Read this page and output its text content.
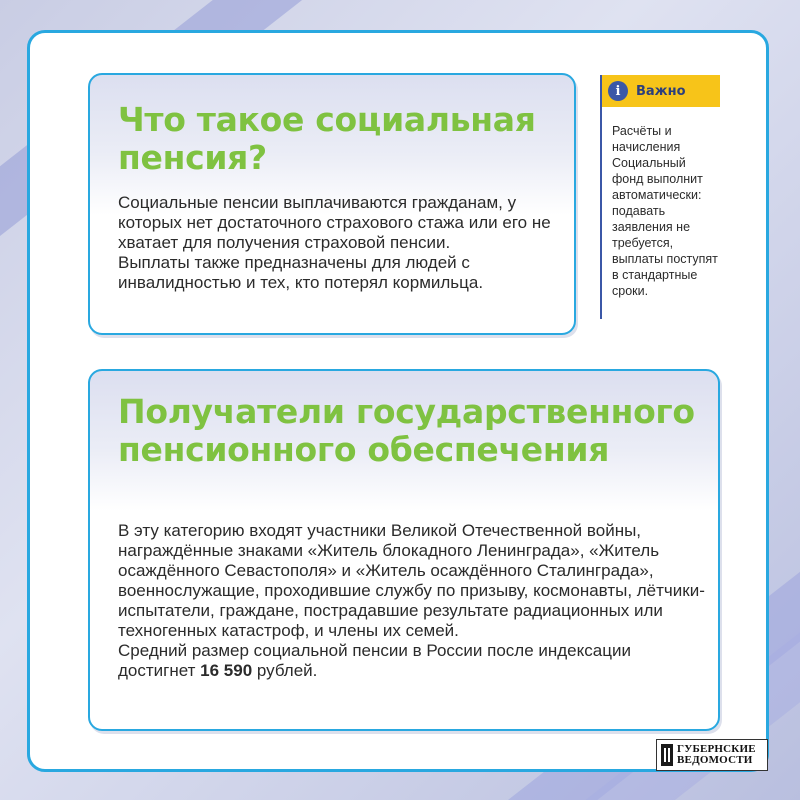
Что такое социальная пенсия?

Социальные пенсии выплачиваются гражданам, у которых нет достаточного страхового стажа или его не хватает для получения страховой пенсии.
Выплаты также предназначены для людей с инвалидностью и тех, кто потерял кормильца.

i	Важно
Расчёты и начисления Социальный фонд выполнит автоматически: подавать заявления не требуется, выплаты поступят в стандартные сроки.
Получатели государственного пенсионного обеспечения
В эту категорию входят участники Великой Отечественной войны, награждённые знаками «Житель блокадного Ленинграда», «Житель осаждённого Севастополя» и «Житель осаждённого Сталинграда», военнослужащие, проходившие службу по призыву, космонавты, лётчики-испытатели, граждане, пострадавшие результате радиационных или техногенных катастроф, и члены их семей.
Средний размер социальной пенсии в России после индексации достигнет 16 590 рублей.
ГУБЕРНСКИЕ
ВЕДОМОСТИ
